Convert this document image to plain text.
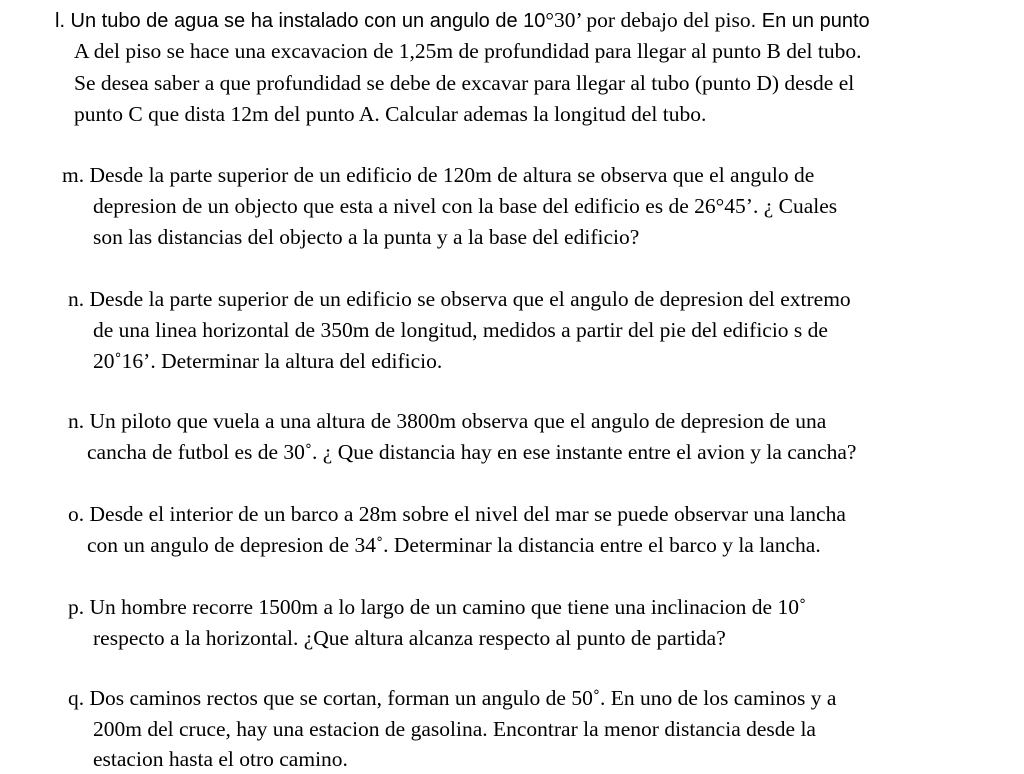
l. Un tubo de agua se ha instalado con un angulo de 10°30’ por debajo del piso. En un punto
A del piso se hace una excavacion de 1,25m de profundidad para llegar al punto B del tubo.
Se desea saber a que profundidad se debe de excavar para llegar al tubo (punto D) desde el
punto C que dista 12m del punto A. Calcular ademas la longitud del tubo.
m. Desde la parte superior de un edificio de 120m de altura se observa que el angulo de
depresion de un objecto que esta a nivel con la base del edificio es de 26°45’. ¿ Cuales
son las distancias del objecto a la punta y a la base del edificio?
n. Desde la parte superior de un edificio se observa que el angulo de depresion del extremo
de una linea horizontal de 350m de longitud, medidos a partir del pie del edificio s de
20˚16’. Determinar la altura del edificio.
n. Un piloto que vuela a una altura de 3800m observa que el angulo de depresion de una
cancha de futbol es de 30˚. ¿ Que distancia hay en ese instante entre el avion y la cancha?
o. Desde el interior de un barco a 28m sobre el nivel del mar se puede observar una lancha
con un angulo de depresion de 34˚. Determinar la distancia entre el barco y la lancha.
p. Un hombre recorre 1500m a lo largo de un camino que tiene una inclinacion de 10˚
respecto a la horizontal. ¿Que altura alcanza respecto al punto de partida?
q. Dos caminos rectos que se cortan, forman un angulo de 50˚. En uno de los caminos y a
200m del cruce, hay una estacion de gasolina. Encontrar la menor distancia desde la
estacion hasta el otro camino.
